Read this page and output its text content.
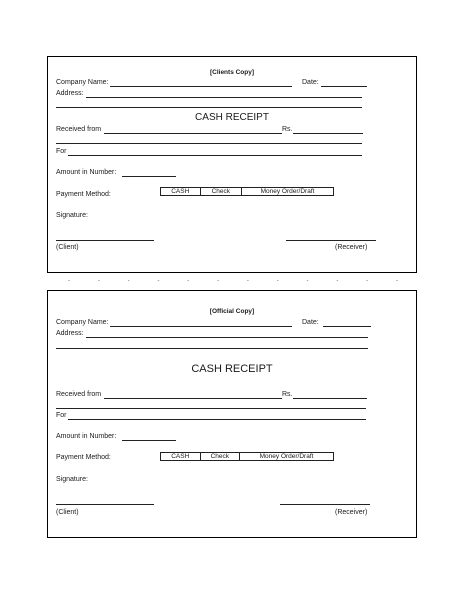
[Clients Copy]
Company Name:	Date:
Address:
CASH RECEIPT
Received from	Rs.
For
Amount in Number:
Payment Method:	CASH	Check	Money Order/Draft
Signature:
(Client)	(Receiver)
-	-	-	-	-	-	-	-	-	-	-	-
[Official Copy]
Company Name:	Date:
Address:
CASH RECEIPT
Received from	Rs.
For
Amount in Number:
Payment Method:	CASH	Check	Money Order/Draft
Signature:
(Client)	(Receiver)
